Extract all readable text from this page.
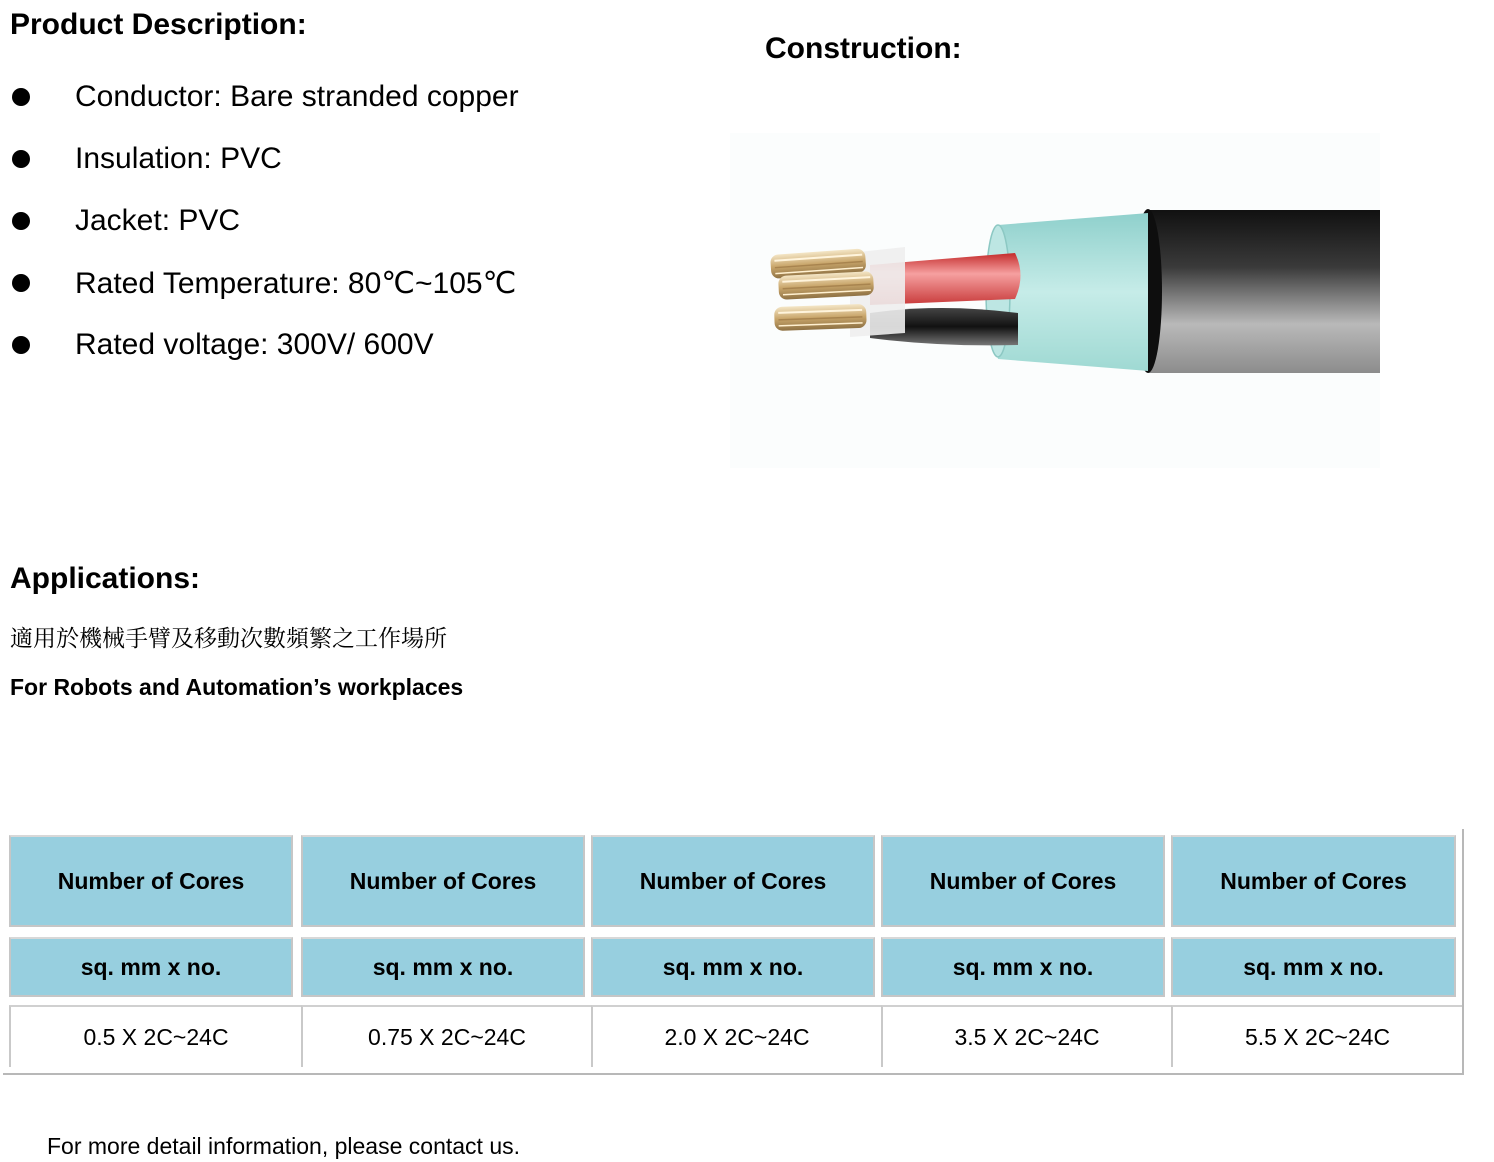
Product Description:
Conductor: Bare stranded copper
Insulation: PVC
Jacket: PVC
Rated Temperature: 80℃~105℃
Rated voltage: 300V/ 600V
Construction:
Applications:
適用於機械手臂及移動次數頻繁之工作場所
For Robots and Automation’s workplaces
Number of Cores	Number of Cores	Number of Cores	Number of Cores	Number of Cores
sq. mm x no.	sq. mm x no.	sq. mm x no.	sq. mm x no.	sq. mm x no.
0.5 X 2C~24C	0.75 X 2C~24C	2.0 X 2C~24C	3.5 X 2C~24C	5.5 X 2C~24C
For more detail information, please contact us.
